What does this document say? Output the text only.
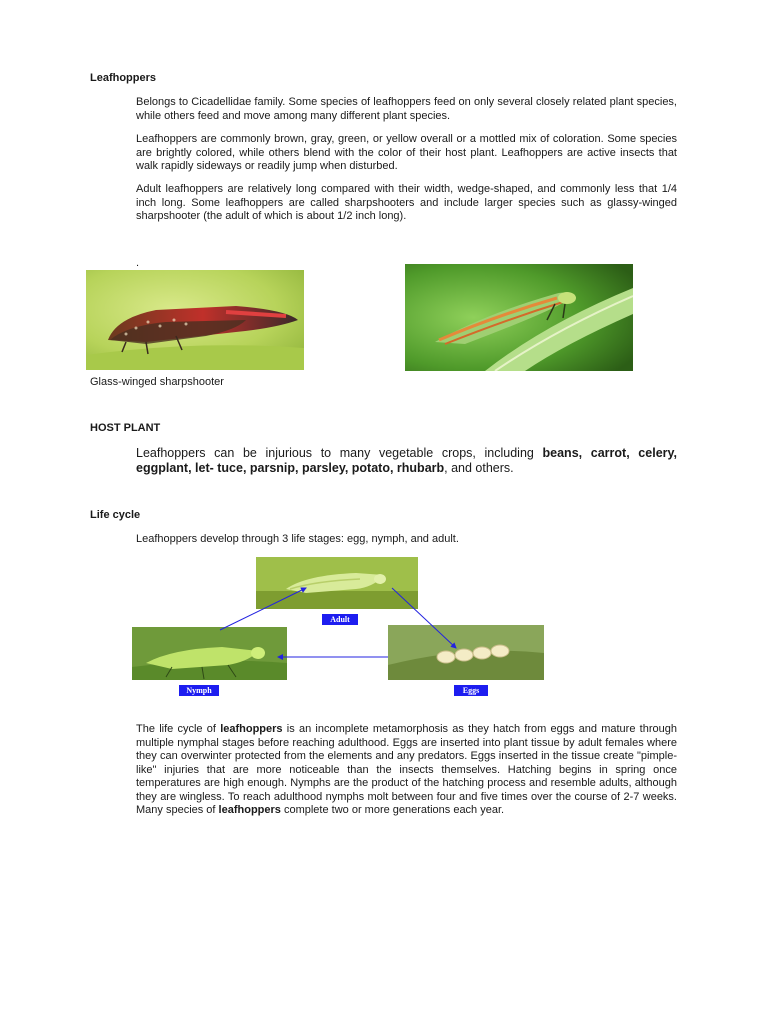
Leafhoppers
Belongs to Cicadellidae family. Some species of leafhoppers feed on only several closely related plant species, while others feed and move among many different plant species.
Leafhoppers are commonly brown, gray, green, or yellow overall or a mottled mix of coloration. Some species are brightly colored, while others blend with the color of their host plant. Leafhoppers are active insects that walk rapidly sideways or readily jump when disturbed.
Adult leafhoppers are relatively long compared with their width, wedge-shaped, and commonly less that 1/4 inch long. Some leafhoppers are called sharpshooters and include larger species such as glassy-winged sharpshooter (the adult of which is about 1/2 inch long).
.
Glass-winged sharpshooter
HOST PLANT
Leafhoppers can be injurious to many vegetable crops, including beans, carrot, celery, eggplant, let- tuce, parsnip, parsley, potato, rhubarb, and others.
Life cycle
Leafhoppers develop through 3 life stages: egg, nymph, and adult.
Adult
Nymph	Eggs
The life cycle of leafhoppers is an incomplete metamorphosis as they hatch from eggs and mature through multiple nymphal stages before reaching adulthood. Eggs are inserted into plant tissue by adult females where they can overwinter protected from the elements and any predators. Eggs inserted in the tissue create "pimple-like" injuries that are more noticeable than the insects themselves. Hatching begins in spring once temperatures are high enough. Nymphs are the product of the hatching process and resemble adults, although they are wingless. To reach adulthood nymphs molt between four and five times over the course of 2-7 weeks. Many species of leafhoppers complete two or more generations each year.
